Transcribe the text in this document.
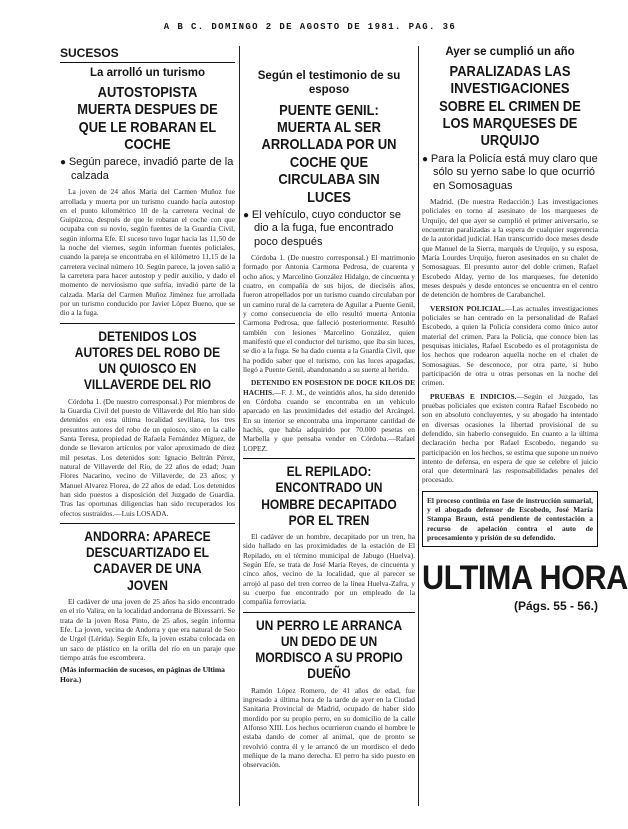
A B C. DOMINGO 2 DE AGOSTO DE 1981. PAG. 36
SUCESOS
La arrolló un turismo
AUTOSTOPISTA MUERTA DESPUES DE QUE LE ROBARAN EL COCHE
● Según parece, invadió parte de la calzada

La joven de 24 años María del Carmen Muñoz fue arrollada y muerta por un turismo cuando hacía autostop en el punto kilométrico 10 de la carretera vecinal de Guipúzcoa, después de que le robaran el coche con que ocupaba con su novio, según fuentes de la Guardia Civil, según informa Efe. El suceso tuvo lugar hacia las 11,50 de la noche del viernes, según informan fuentes policiales, cuando la pareja se encontraba en el kilómetro 11,15 de la carretera vecinal número 10. Según parece, la joven salió a la carretera para hacer autostop y pedir auxilio, y dado el momento de nerviosismo que sufría, invadió parte de la calzada. María del Carmen Muñoz Jiménez fue arrollada por un turismo conducido por Javier López Bueno, que se dio a la fuga.

DETENIDOS LOS AUTORES DEL ROBO DE UN QUIOSCO EN VILLAVERDE DEL RIO

Córdoba 1. (De nuestro corresponsal.) Por miembros de la Guardia Civil del puesto de Villaverde del Río han sido detenidos en esta última localidad sevillana, los tres presuntos autores del robo de un quiosco, sito en la calle Santa Teresa, propiedad de Rafaela Fernández Míguez, de donde se llevaron artículos por valor aproximado de diez mil pesetas. Los detenidos son: Ignacio Beltrán Pérez, natural de Villaverde del Río, de 22 años de edad; Juan Flores Nacarino, vecino de Villaverde, de 23 años; y Manuel Alvarez Florea, de 22 años de edad. Los detenidos han sido puestos a disposición del Juzgado de Guardia. Tras las oportunas diligencias han sido recuperados los efectos sustraídos.—Luis LOSADA.

ANDORRA: APARECE DESCUARTIZADO EL CADAVER DE UNA JOVEN

El cadáver de una joven de 25 años ha sido encontrado en el río Valira, en la localidad andorrana de Bixessarri. Se trata de la joven Rosa Pinto, de 25 años, según informa Efe. La joven, vecina de Andorra y que era natural de Seo de Urgel (Lérida). Según Efe, la joven estaba colocada en un saco de plástico en la orilla del río en un paraje que tiempo atrás fue escombrera.

(Más información de sucesos, en páginas de Ultima Hora.)
Según el testimonio de su esposo
PUENTE GENIL: MUERTA AL SER ARROLLADA POR UN COCHE QUE CIRCULABA SIN LUCES
● El vehículo, cuyo conductor se dio a la fuga, fue encontrado poco después

Córdoba 1. (De nuestro corresponsal.) El matrimonio formado por Antonia Carmona Pedrosa, de cuarenta y ocho años, y Marcelino González Hidalgo, de cincuenta y cuatro, en compañía de sus hijos, de dieciséis años, fueron atropellados por un turismo cuando circulaban por un camino rural de la carretera de Aguilar a Puente Genil, y como consecuencia de ello resultó muerta Antonia Carmona Pedrosa, que falleció posteriormente. Resultó también con lesiones Marcelino González, quien manifestó que el conductor del turismo, que iba sin luces, se dio a la fuga. Se ha dado cuenta a la Guardia Civil, que ha podido saber que el turismo, con las luces apagadas, llegó a Puente Genil, abandonando a su suerte al herido.

DETENIDO EN POSESION DE DOCE KILOS DE HACHIS.—F. J. M., de veintidós años, ha sido detenido en Córdoba cuando se encontraba en un vehículo aparcado en las proximidades del estadio del Arcángel. En su interior se encontraba una importante cantidad de hachís, que había adquirido por 70.000 pesetas en Marbella y que pensaba vender en Córdoba.—Rafael LOPEZ.

EL REPILADO: ENCONTRADO UN HOMBRE DECAPITADO POR EL TREN

El cadáver de un hombre, decapitado por un tren, ha sido hallado en las proximidades de la estación de El Repilado, en el término municipal de Jabugo (Huelva). Según Efe, se trata de José María Reyes, de cincuenta y cinco años, vecino de la localidad, que al parecer se arrojó al paso del tren correo de la línea Huelva-Zafra, y su cuerpo fue encontrado por un empleado de la compañía ferroviaria.

UN PERRO LE ARRANCA UN DEDO DE UN MORDISCO A SU PROPIO DUEÑO

Ramón López Romero, de 41 años de edad, fue ingresado a última hora de la tarde de ayer en la Ciudad Sanitaria Provincial de Madrid, ocupado de haber sido mordido por su propio perro, en su domicilio de la calle Alfonso XIII. Los hechos ocurrieron cuando el hombre le estaba dando de comer al animal, que de pronto se revolvió contra él y le arrancó de un mordisco el dedo meñique de la mano derecha. El perro ha sido puesto en observación.

Ayer se cumplió un año
PARALIZADAS LAS INVESTIGACIONES SOBRE EL CRIMEN DE LOS MARQUESES DE URQUIJO
● Para la Policía está muy claro que sólo su yerno sabe lo que ocurrió en Somosaguas

Madrid. (De nuestra Redacción.) Las investigaciones policiales en torno al asesinato de los marqueses de Urquijo, del que ayer se cumplió el primer aniversario, se encuentran paralizadas a la espera de cualquier sugerencia de la autoridad judicial. Han transcurrido doce meses desde que Manuel de la Sierra, marqués de Urquijo, y su esposa, María Lourdes Urquijo, fueron asesinados en su chalet de Somosaguas. El presunto autor del doble crimen, Rafael Escobedo Alday, yerno de los marqueses, fue detenido meses después y desde entonces se encuentra en el centro de detención de hombres de Carabanchel.

VERSION POLICIAL.—Las actuales investigaciones policiales se han centrado en la personalidad de Rafael Escobedo, a quien la Policía considera como único autor material del crimen. Para la Policía, que conoce bien las pesquisas iniciales, Rafael Escobedo es el protagonista de los hechos que rodearon aquella noche en el chalet de Somosaguas. Se desconoce, por otra parte, si hubo participación de otra u otras personas en la noche del crimen.

PRUEBAS E INDICIOS.—Según el Juzgado, las pruebas policiales que existen contra Rafael Escobedo no son en absoluto concluyentes, y su abogado ha intentado en diversas ocasiones la libertad provisional de su defendido, sin haberlo conseguido. En cuanto a la última declaración hecha por Rafael Escobedo, negando su participación en los hechos, se estima que supone un nuevo intento de defensa, en espera de que se celebre el juicio oral que determinará las responsabilidades penales del procesado.

El proceso continúa en fase de instrucción sumarial, y el abogado defensor de Escobedo, José María Stampa Braun, está pendiente de contestación a recurso de apelación contra el auto de procesamiento y prisión de su defendido.
ULTIMA HORA
(Págs. 55 - 56.)
